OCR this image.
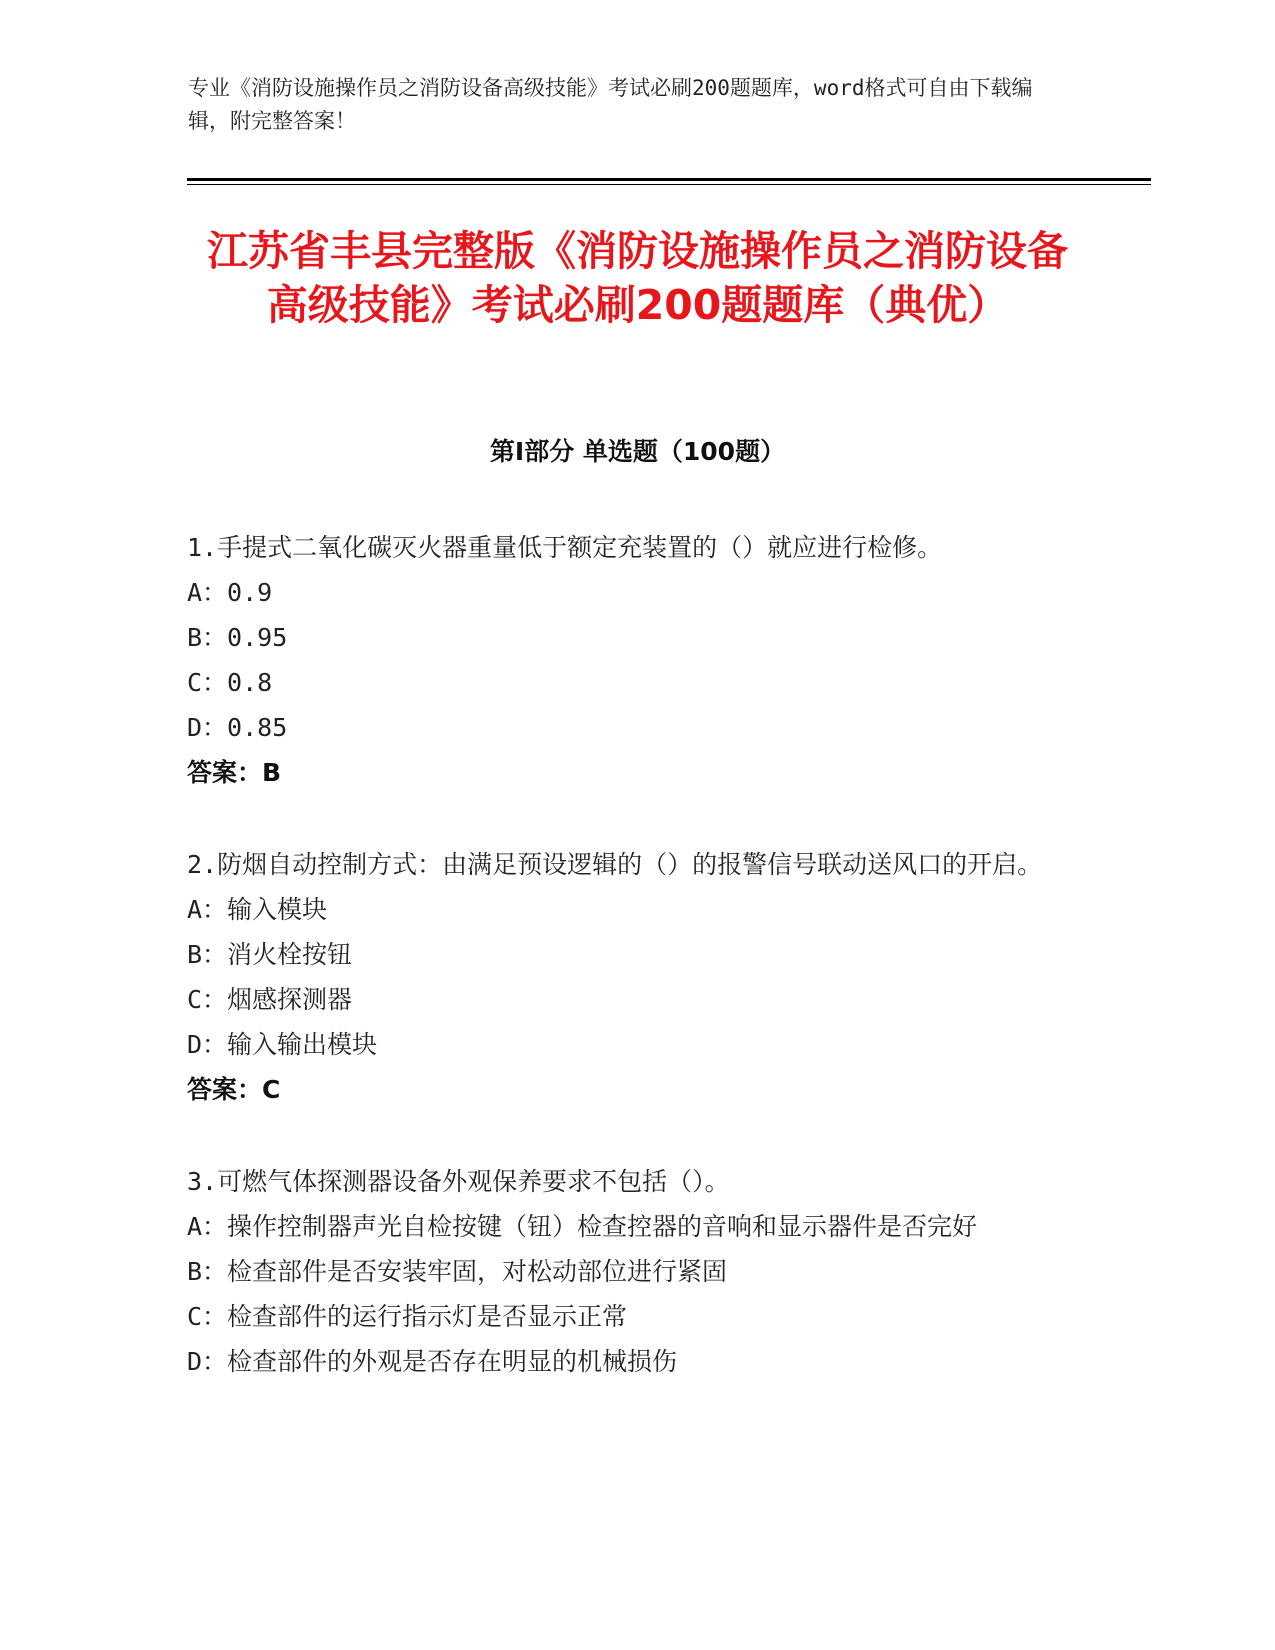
专业《消防设施操作员之消防设备高级技能》考试必刷200题题库，word格式可自由下载编辑，附完整答案！
江苏省丰县完整版《消防设施操作员之消防设备高级技能》考试必刷200题题库（典优）
第Ⅰ部分 单选题（100题）
1.手提式二氧化碳灭火器重量低于额定充装置的（）就应进行检修。
A：0.9
B：0.95
C：0.8
D：0.85
答案：B
2.防烟自动控制方式：由满足预设逻辑的（）的报警信号联动送风口的开启。
A：输入模块
B：消火栓按钮
C：烟感探测器
D：输入输出模块
答案：C
3.可燃气体探测器设备外观保养要求不包括（）。
A：操作控制器声光自检按键（钮）检查控器的音响和显示器件是否完好
B：检查部件是否安装牢固，对松动部位进行紧固
C：检查部件的运行指示灯是否显示正常
D：检查部件的外观是否存在明显的机械损伤
